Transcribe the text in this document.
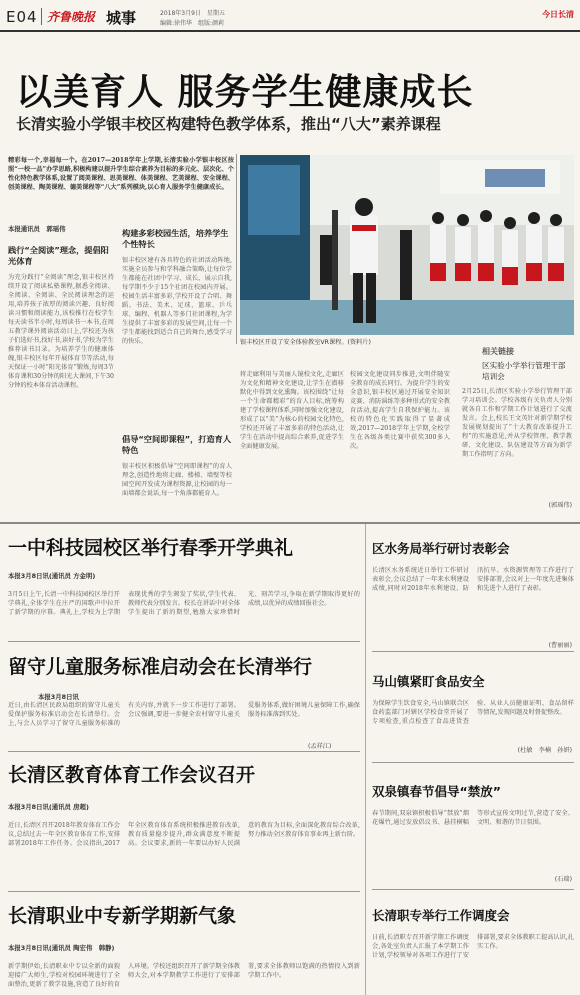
E04 齐鲁晚报 城事	2018年3月9日　星期五
编辑:徐伟华　组版:颜莉
今日长清
以美育人 服务学生健康成长
长清实验小学银丰校区构建特色教学体系，推出“八大”素养课程
精彩每一个,幸福每一个。在2017—2018学年上学期,长清实验小学银丰校区按照“一校一品”办学思路,积极构建以提升学生综合素养为目标的多元化、层次化、个性化特色教学体系,设置了阅美课程、思美课程、体美课程、艺美课程、安全课程、创美课程、陶美课程、德美课程等“八大”系列模块,以心育人服务学生健康成长。
本报通讯员　郭瑶伟
践行“全阅读”理念，提倡阳光体育
为充分践行“全阅读”理念,银丰校区持续开设了阅读私塾课程,据悉全阅读、全阅读、全阅读、全民阅读理念的运用,培养孩子浓厚的阅读兴趣、良好阅读习惯和阅读能力,该校推行在校学生每天读书半小时,每周读书一本书,在周五教学课外阅读活动日上,学校还为孩子们选好书,找好书,读好书,学校为学生推荐读书目录。为培养学生的健康体魄,银丰校区每年开展体育节等活动,每天保证一小时“阳光体育”锻炼,每周3节体育课和30分钟的阳光大课间,下午30分钟的校本体育活动课程。
构建多彩校园生活，培养学生个性特长
银丰校区建有各具特色的社团活动阵地,实施全员参与和学科融合策略,让每位学生都能在社团中学习、成长、展示自我,每学期不少于15个社团在校园内开展。校园生活丰富多彩,学校开设了合唱、舞蹈、书法、美术、足球、篮球、乒乓球、编程、机器人等多门社团课程,为学生提供了丰富多彩的发展空间,让每一个学生都能找到适合自己的舞台,感受学习的快乐。
倡导“空间即课程”，打造育人特色
银丰校区积极倡导“空间即课程”的育人理念,创造性地将走廊、楼梯、墙壁等校园空间开发成为课程资源,让校园的每一面墙都会说话,每一个角落都能育人。
银丰校区开设了安全体验教室VR课程。(资料片)
将走廊利用与美丽人镜校文化,走廊区为文化和精神文化建设,让学生在潜移默化中得到文化熏陶。该校围绕“让每一个生命都精彩”的育人目标,统筹构建了学校课程体系,同时加强文化建设,形成了以“美”为核心的校园文化特色,学校还开展了丰富多彩的特色活动,让学生在活动中提高综合素养,促进学生全面健康发展。
校园文化建设同步推进,文明伴随安全教育的成长同行。为提升学生的安全意识,银丰校区通过开展安全知识竞赛、消防演练等多种形式的安全教育活动,提高学生自我保护能力。该校的特色化实践取得了显著成效,2017—2018学年上学期,全校学生在各级各类比赛中获奖300多人次。
相关链接
区实验小学举行管理干部培训会
2月25日,长清区实验小学举行管理干部学习培训会。学校各级有关负责人分别就各自工作和学期工作计划进行了交流发言。会上,校长王文英针对新学期学校发展规划提出了“十大教育改革提升工程”的实施意见,并从学校管理、教学教研、文化建设、队伍建设等方面为新学期工作指明了方向。
(郭瑶伟)
一中科技园校区举行春季开学典礼
本报3月8日讯(通讯员 方金明)
3月5日上午,长清一中科技园校区举行开学典礼,全体学生在庄严的国歌声中拉开了新学期的序幕。典礼上,学校为上学期表现优秀的学生颁发了奖状,学生代表、教师代表分别发言。校长在讲话中对全体学生提出了新的期望,勉励大家珍惜时光、刻苦学习,争取在新学期取得更好的成绩,以优异的成绩回报社会。
留守儿童服务标准启动会在长清举行
本报3月8日讯
近日,由长清区民政局组织的留守儿童关爱保护服务标准启动会在长清举行。会上,与会人员学习了留守儿童服务标准的有关内容,并就下一步工作进行了部署。会议强调,要进一步健全农村留守儿童关爱服务体系,做好困境儿童保障工作,确保服务标准落到实处。
(孟祥江)
长清区教育体育工作会议召开
本报3月8日讯(通讯员 房超)
近日,长清区召开2018年教育体育工作会议,总结过去一年全区教育体育工作,安排部署2018年工作任务。会议指出,2017年全区教育体育系统积极推进教育改革,教育质量稳步提升,群众满意度不断提高。会议要求,新的一年要以办好人民满意的教育为目标,全面深化教育综合改革,努力推动全区教育体育事业再上新台阶。
长清职业中专新学期新气象
本报3月8日讯(通讯员 陶宏伟　韩静)
新学期伊始,长清职业中专以全新的面貌迎接广大师生,学校对校园环境进行了全面整治,更新了教学设施,营造了良好的育人环境。学校还组织召开了新学期全体教师大会,对本学期教学工作进行了安排部署,要求全体教师以饱满的热情投入到新学期工作中。
区水务局举行研讨表彰会
长清区水务系统近日举行工作研讨表彰会,会议总结了一年来水利建设成绩,同时对2018年水利建设、防汛抗旱、水资源管理等工作进行了安排部署,会议对上一年度先进集体和先进个人进行了表彰。
(曹丽丽)
马山镇紧盯食品安全
为保障学生饮食安全,马山镇联合区食药监部门对辖区学校食堂开展了专项检查,重点检查了食品进货查验、从业人员健康证明、食品留样等情况,发现问题及时督促整改。
(杜敏　李楠　孙妍)
双泉镇春节倡导“禁放”
春节期间,双泉镇积极倡导“禁放”烟花爆竹,通过发放倡议书、悬挂横幅等形式宣传文明过节,营造了安全、文明、和谐的节日氛围。
(石瑞)
长清职专举行工作调度会
日前,长清职专召开新学期工作调度会,各处室负责人汇报了本学期工作计划,学校领导对各项工作进行了安排部署,要求全体教职工提高认识,扎实工作。
